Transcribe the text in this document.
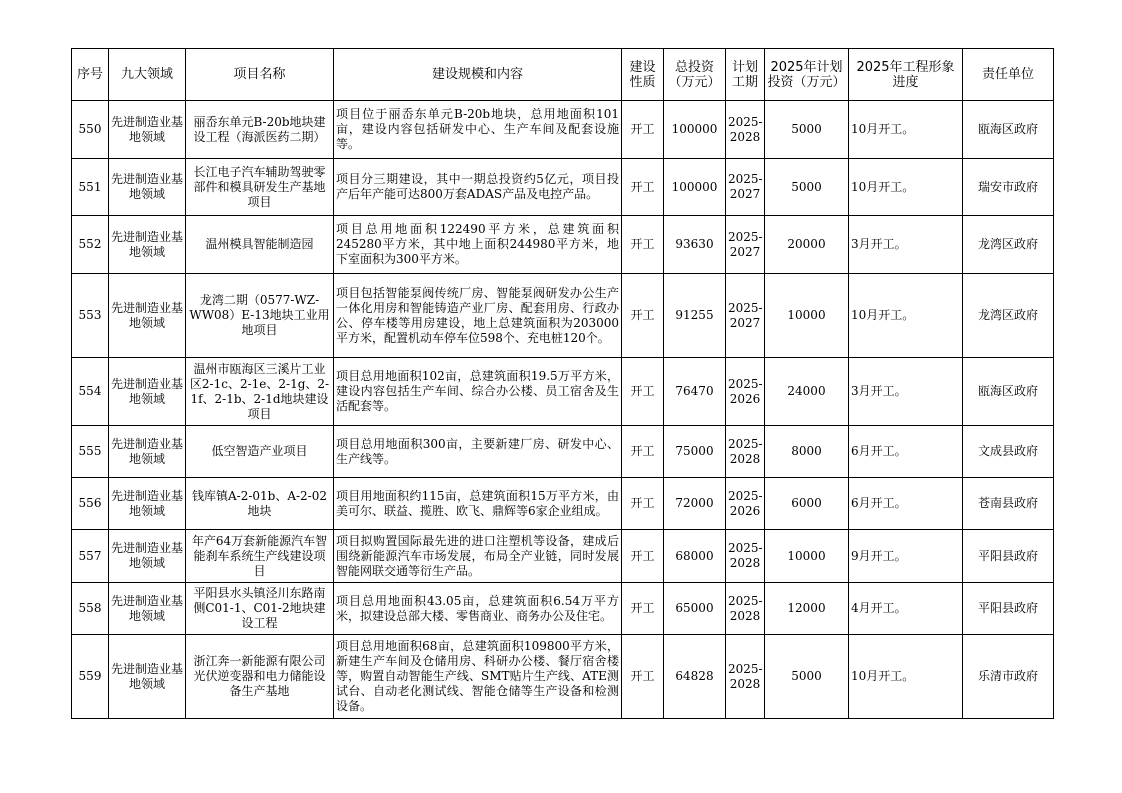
序号	九大领域	项目名称	建设规模和内容	建设性质	总投资（万元）	计划工期	2025年计划投资（万元）	2025年工程形象进度	责任单位
550	先进制造业基地领域	丽岙东单元B-20b地块建设工程（海派医药二期）	项目位于丽岙东单元B-20b地块，总用地面积101亩，建设内容包括研发中心、生产车间及配套设施等。	开工	100000	2025-2028	5000	10月开工。	瓯海区政府
551	先进制造业基地领域	长江电子汽车辅助驾驶零部件和模具研发生产基地项目	项目分三期建设，其中一期总投资约5亿元，项目投产后年产能可达800万套ADAS产品及电控产品。	开工	100000	2025-2027	5000	10月开工。	瑞安市政府
552	先进制造业基地领域	温州模具智能制造园	项目总用地面积122490平方米，总建筑面积245280平方米，其中地上面积244980平方米，地下室面积为300平方米。	开工	93630	2025-2027	20000	3月开工。	龙湾区政府
553	先进制造业基地领域	龙湾二期（0577-WZ-WW08）E-13地块工业用地项目	项目包括智能泵阀传统厂房、智能泵阀研发办公生产一体化用房和智能铸造产业厂房、配套用房、行政办公、停车楼等用房建设，地上总建筑面积为203000平方米，配置机动车停车位598个、充电桩120个。	开工	91255	2025-2027	10000	10月开工。	龙湾区政府
554	先进制造业基地领域	温州市瓯海区三溪片工业区2-1c、2-1e、2-1g、2-1f、2-1b、2-1d地块建设项目	项目总用地面积102亩，总建筑面积19.5万平方米，建设内容包括生产车间、综合办公楼、员工宿舍及生活配套等。	开工	76470	2025-2026	24000	3月开工。	瓯海区政府
555	先进制造业基地领域	低空智造产业项目	项目总用地面积300亩，主要新建厂房、研发中心、生产线等。	开工	75000	2025-2028	8000	6月开工。	文成县政府
556	先进制造业基地领域	钱库镇A-2-01b、A-2-02地块	项目用地面积约115亩，总建筑面积15万平方米，由美可尔、联益、揽胜、欧飞、鼎辉等6家企业组成。	开工	72000	2025-2026	6000	6月开工。	苍南县政府
557	先进制造业基地领域	年产64万套新能源汽车智能刹车系统生产线建设项目	项目拟购置国际最先进的进口注塑机等设备，建成后围绕新能源汽车市场发展，布局全产业链，同时发展智能网联交通等衍生产品。	开工	68000	2025-2028	10000	9月开工。	平阳县政府
558	先进制造业基地领域	平阳县水头镇泾川东路南侧C01-1、C01-2地块建设工程	项目总用地面积43.05亩，总建筑面积6.54万平方米，拟建设总部大楼、零售商业、商务办公及住宅。	开工	65000	2025-2028	12000	4月开工。	平阳县政府
559	先进制造业基地领域	浙江奔一新能源有限公司光伏逆变器和电力储能设备生产基地	项目总用地面积68亩，总建筑面积109800平方米，新建生产车间及仓储用房、科研办公楼、餐厅宿舍楼等，购置自动智能生产线、SMT贴片生产线、ATE测试台、自动老化测试线、智能仓储等生产设备和检测设备。	开工	64828	2025-2028	5000	10月开工。	乐清市政府
